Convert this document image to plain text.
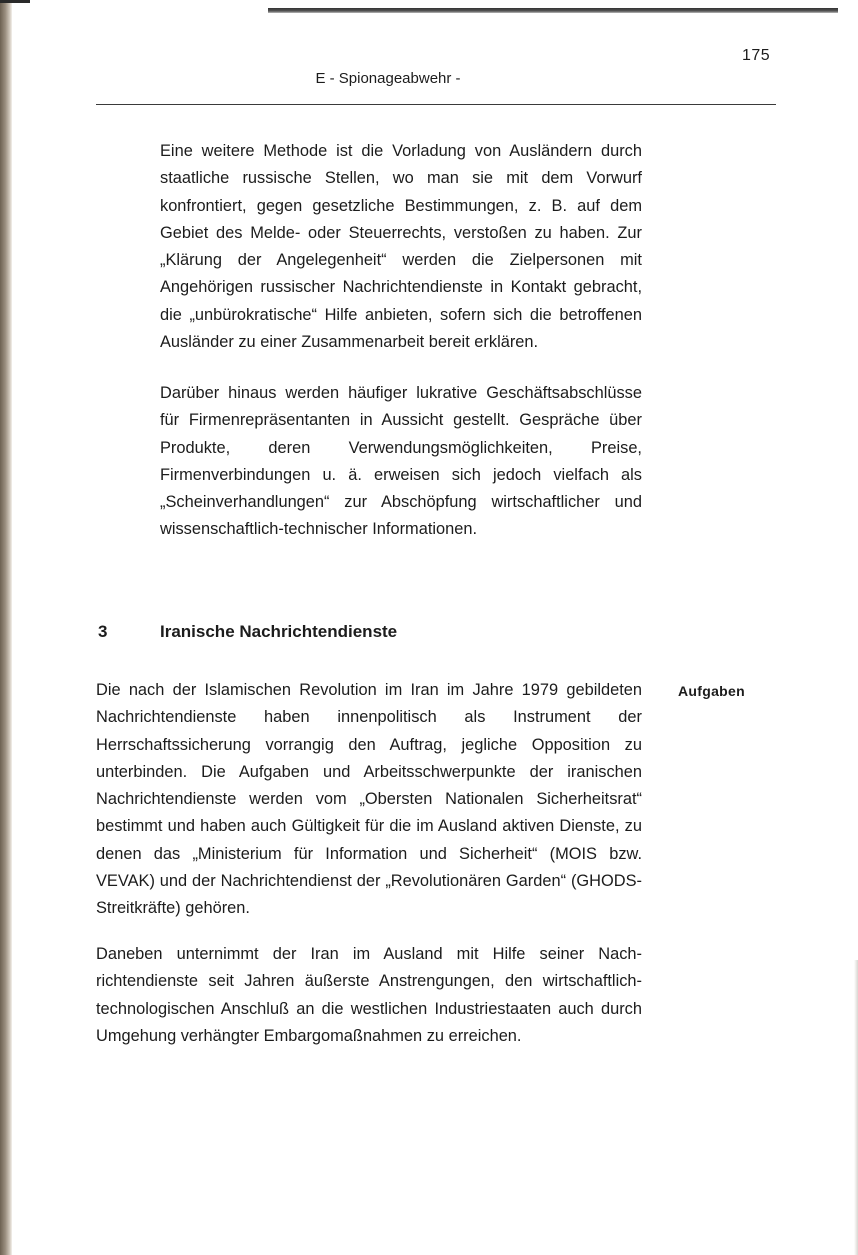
175
E - Spionageabwehr -

Eine weitere Methode ist die Vorladung von Ausländern durch staatliche russische Stellen, wo man sie mit dem Vorwurf konfrontiert, gegen gesetzliche Bestimmungen, z. B. auf dem Gebiet des Melde- oder Steuerrechts, verstoßen zu haben. Zur „Klärung der Angelegenheit“ werden die Zielpersonen mit Angehörigen russischer Nachrichtendienste in Kontakt gebracht, die „unbürokratische“ Hilfe anbieten, sofern sich die betroffenen Ausländer zu einer Zusammenarbeit bereit erklären.

Darüber hinaus werden häufiger lukrative Geschäftsabschlüsse für Firmenrepräsentanten in Aussicht gestellt. Gespräche über Produkte, deren Verwendungsmöglichkeiten, Preise, Firmenverbindungen u. ä. erweisen sich jedoch vielfach als „Scheinverhandlungen“ zur Abschöpfung wirtschaftlicher und wissenschaftlich-technischer Informationen.

3	Iranische Nachrichtendienste
Aufgaben

Die nach der Islamischen Revolution im Iran im Jahre 1979 gebildeten Nachrichtendienste haben innenpolitisch als Instrument der Herrschaftssicherung vorrangig den Auftrag, jegliche Opposition zu unterbinden. Die Aufgaben und Arbeitsschwerpunkte der iranischen Nachrichtendienste werden vom „Obersten Nationalen Sicherheitsrat“ bestimmt und haben auch Gültigkeit für die im Ausland aktiven Dienste, zu denen das „Ministerium für Information und Sicherheit“ (MOIS bzw. VEVAK) und der Nachrichtendienst der „Revolutionären Garden“ (GHODS-Streitkräfte) gehören.

Daneben unternimmt der Iran im Ausland mit Hilfe seiner Nachrichtendienste seit Jahren äußerste Anstrengungen, den wirtschaftlich-technologischen Anschluß an die westlichen Industriestaaten auch durch Umgehung verhängter Embargomaßnahmen zu erreichen.
